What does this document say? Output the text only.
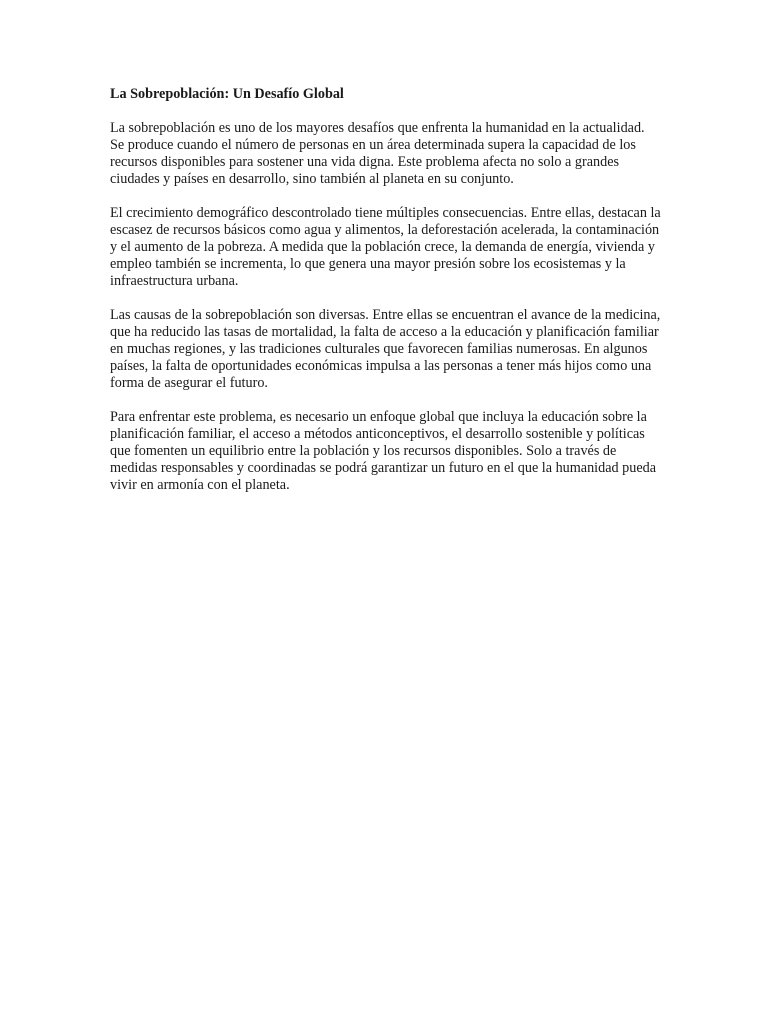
La Sobrepoblación: Un Desafío Global

La sobrepoblación es uno de los mayores desafíos que enfrenta la humanidad en la actualidad. Se produce cuando el número de personas en un área determinada supera la capacidad de los recursos disponibles para sostener una vida digna. Este problema afecta no solo a grandes ciudades y países en desarrollo, sino también al planeta en su conjunto.

El crecimiento demográfico descontrolado tiene múltiples consecuencias. Entre ellas, destacan la escasez de recursos básicos como agua y alimentos, la deforestación acelerada, la contaminación y el aumento de la pobreza. A medida que la población crece, la demanda de energía, vivienda y empleo también se incrementa, lo que genera una mayor presión sobre los ecosistemas y la infraestructura urbana.

Las causas de la sobrepoblación son diversas. Entre ellas se encuentran el avance de la medicina, que ha reducido las tasas de mortalidad, la falta de acceso a la educación y planificación familiar en muchas regiones, y las tradiciones culturales que favorecen familias numerosas. En algunos países, la falta de oportunidades económicas impulsa a las personas a tener más hijos como una forma de asegurar el futuro.

Para enfrentar este problema, es necesario un enfoque global que incluya la educación sobre la planificación familiar, el acceso a métodos anticonceptivos, el desarrollo sostenible y políticas que fomenten un equilibrio entre la población y los recursos disponibles. Solo a través de medidas responsables y coordinadas se podrá garantizar un futuro en el que la humanidad pueda vivir en armonía con el planeta.
